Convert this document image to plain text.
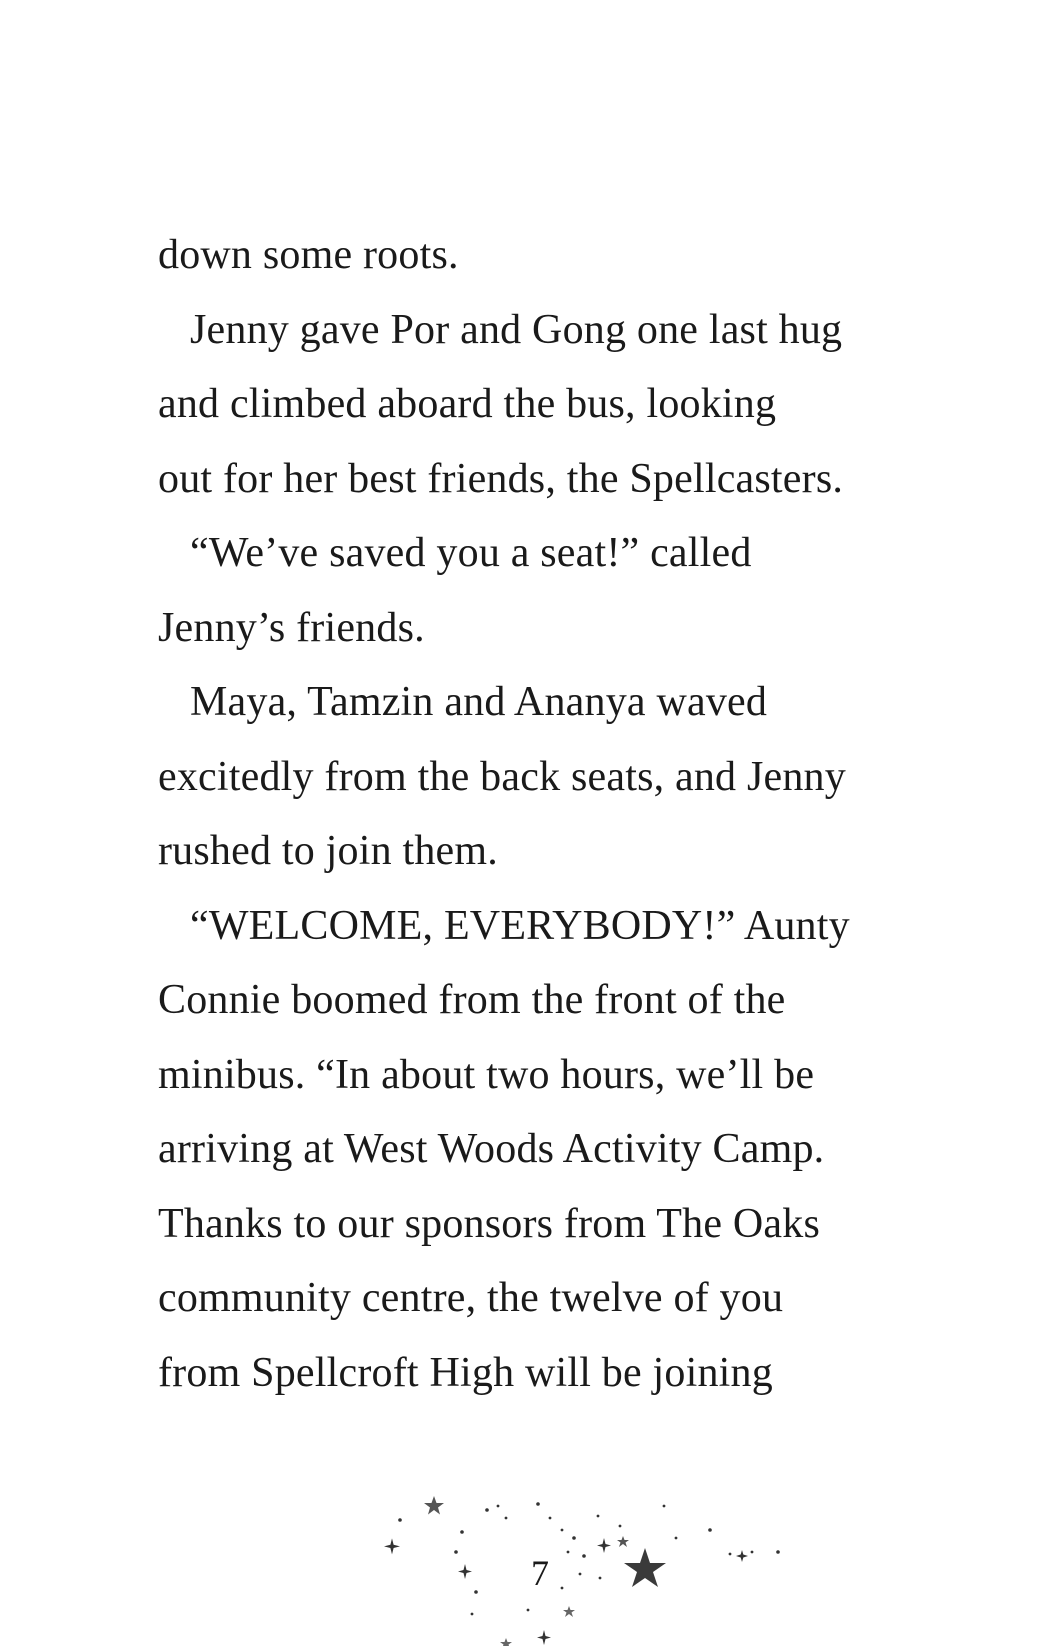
down some roots.
Jenny gave Por and Gong one last hug
and climbed aboard the bus, looking
out for her best friends, the Spellcasters.
“We’ve saved you a seat!” called
Jenny’s friends.
Maya, Tamzin and Ananya waved
excitedly from the back seats, and Jenny
rushed to join them.
“WELCOME, EVERYBODY!” Aunty
Connie boomed from the front of the
minibus. “In about two hours, we’ll be
arriving at West Woods Activity Camp.
Thanks to our sponsors from The Oaks
community centre, the twelve of you
from Spellcroft High will be joining
7
